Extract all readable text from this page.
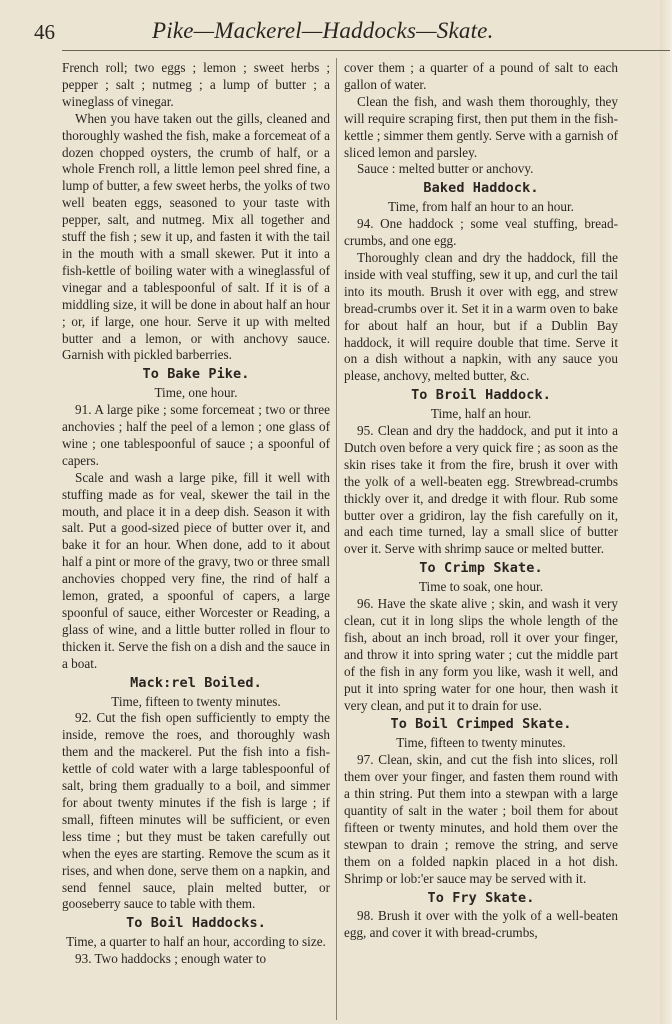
46	Pike—Mackerel—Haddocks—Skate.

French roll; two eggs ; lemon ; sweet herbs ; pepper ; salt ; nutmeg ; a lump of butter ; a wineglass of vinegar.

When you have taken out the gills, cleaned and thoroughly washed the fish, make a forcemeat of a dozen chopped oysters, the crumb of half, or a whole French roll, a little lemon peel shred fine, a lump of butter, a few sweet herbs, the yolks of two well beaten eggs, seasoned to your taste with pepper, salt, and nutmeg. Mix all together and stuff the fish ; sew it up, and fasten it with the tail in the mouth with a small skewer. Put it into a fish-kettle of boiling water with a wineglassful of vinegar and a tablespoonful of salt. If it is of a middling size, it will be done in about half an hour ; or, if large, one hour. Serve it up with melted butter and a lemon, or with anchovy sauce. Garnish with pickled barberries.

To Bake Pike.

Time, one hour.

91. A large pike ; some forcemeat ; two or three anchovies ; half the peel of a lemon ; one glass of wine ; one tablespoonful of sauce ; a spoonful of capers.

Scale and wash a large pike, fill it well with stuffing made as for veal, skewer the tail in the mouth, and place it in a deep dish. Season it with salt. Put a good-sized piece of butter over it, and bake it for an hour. When done, add to it about half a pint or more of the gravy, two or three small anchovies chopped very fine, the rind of half a lemon, grated, a spoonful of capers, a large spoonful of sauce, either Worcester or Reading, a glass of wine, and a little butter rolled in flour to thicken it. Serve the fish on a dish and the sauce in a boat.

Mack:rel Boiled.

Time, fifteen to twenty minutes.

92. Cut the fish open sufficiently to empty the inside, remove the roes, and thoroughly wash them and the mackerel. Put the fish into a fish-kettle of cold water with a large tablespoonful of salt, bring them gradually to a boil, and simmer for about twenty minutes if the fish is large ; if small, fifteen minutes will be sufficient, or even less time ; but they must be taken carefully out when the eyes are starting. Remove the scum as it rises, and when done, serve them on a napkin, and send fennel sauce, plain melted butter, or gooseberry sauce to table with them.

To Boil Haddocks.

Time, a quarter to half an hour, according to size.

93. Two haddocks ; enough water to

cover them ; a quarter of a pound of salt to each gallon of water.

Clean the fish, and wash them thoroughly, they will require scraping first, then put them in the fish-kettle ; simmer them gently. Serve with a garnish of sliced lemon and parsley.

Sauce : melted butter or anchovy.

Baked Haddock.

Time, from half an hour to an hour.

94. One haddock ; some veal stuffing, bread-crumbs, and one egg.

Thoroughly clean and dry the haddock, fill the inside with veal stuffing, sew it up, and curl the tail into its mouth. Brush it over with egg, and strew bread-crumbs over it. Set it in a warm oven to bake for about half an hour, but if a Dublin Bay haddock, it will require double that time. Serve it on a dish without a napkin, with any sauce you please, anchovy, melted butter, &c.

To Broil Haddock.

Time, half an hour.

95. Clean and dry the haddock, and put it into a Dutch oven before a very quick fire ; as soon as the skin rises take it from the fire, brush it over with the yolk of a well-beaten egg. Strewbread-crumbs thickly over it, and dredge it with flour. Rub some butter over a gridiron, lay the fish carefully on it, and each time turned, lay a small slice of butter over it. Serve with shrimp sauce or melted butter.

To Crimp Skate.

Time to soak, one hour.

96. Have the skate alive ; skin, and wash it very clean, cut it in long slips the whole length of the fish, about an inch broad, roll it over your finger, and throw it into spring water ; cut the middle part of the fish in any form you like, wash it well, and put it into spring water for one hour, then wash it very clean, and put it to drain for use.

To Boil Crimped Skate.

Time, fifteen to twenty minutes.

97. Clean, skin, and cut the fish into slices, roll them over your finger, and fasten them round with a thin string. Put them into a stewpan with a large quantity of salt in the water ; boil them for about fifteen or twenty minutes, and hold them over the stewpan to drain ; remove the string, and serve them on a folded napkin placed in a hot dish. Shrimp or lob:'er sauce may be served with it.

To Fry Skate.

98. Brush it over with the yolk of a well-beaten egg, and cover it with bread-crumbs,
